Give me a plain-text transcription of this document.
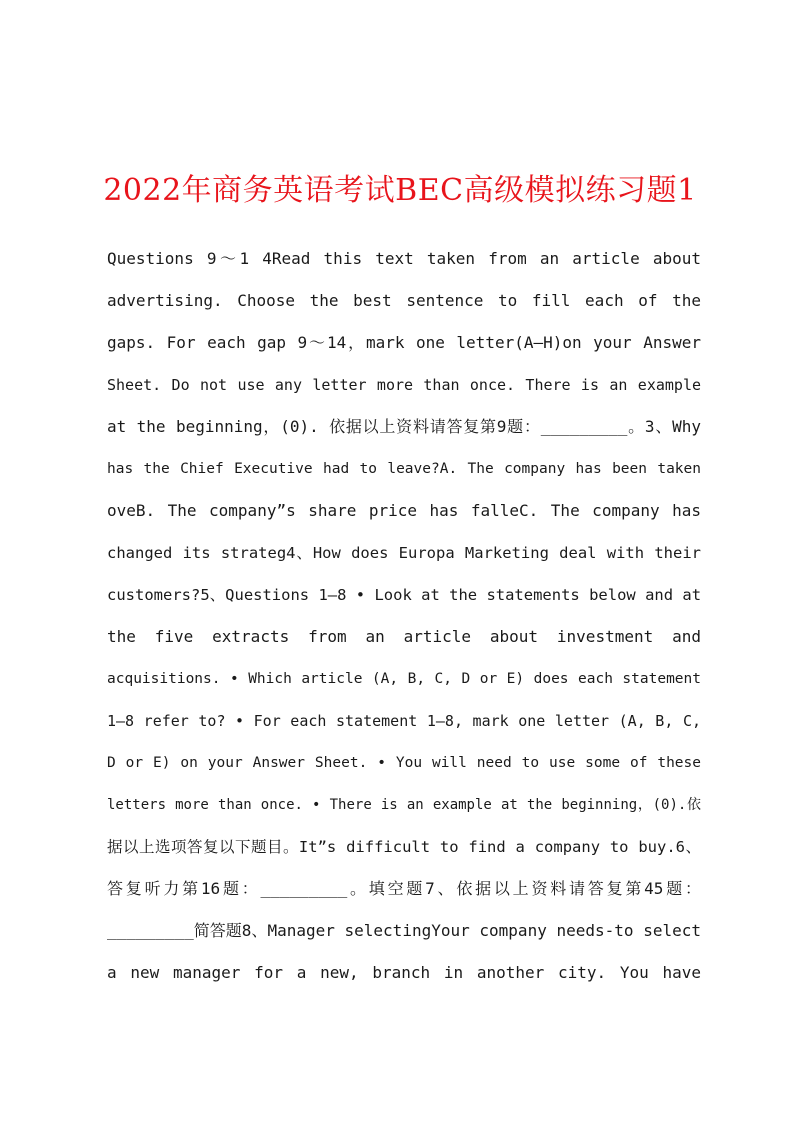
2022年商务英语考试BEC高级模拟练习题1
Questions 9～1 4Read this text taken from an article about
advertising. Choose the best sentence to fill each of the
gaps. For each gap 9～14，mark one letter(A—H)on your Answer
Sheet. Do not use any letter more than once. There is an example
at the beginning，(0). 依据以上资料请答复第9题：_________。3、Why
has the Chief Executive had to leave?A. The company has been taken
oveB. The company”s share price has falleC. The company has
changed its strateg4、How does Europa Marketing deal with their
customers?5、Questions 1—8 • Look at the statements below and at
the five extracts from an article about investment and
acquisitions. • Which article (A, B, C, D or E) does each statement
1—8 refer to? • For each statement 1—8, mark one letter (A, B, C,
D or E) on your Answer Sheet. • You will need to use some of these
letters more than once. • There is an example at the beginning，(0).依
据以上选项答复以下题目。It”s difficult to find a company to buy.6、
答复听力第16题：_________。填空题7、依据以上资料请答复第45题：
_________简答题8、Manager selectingYour company needs-to select
a new manager for a new, branch in another city. You have
